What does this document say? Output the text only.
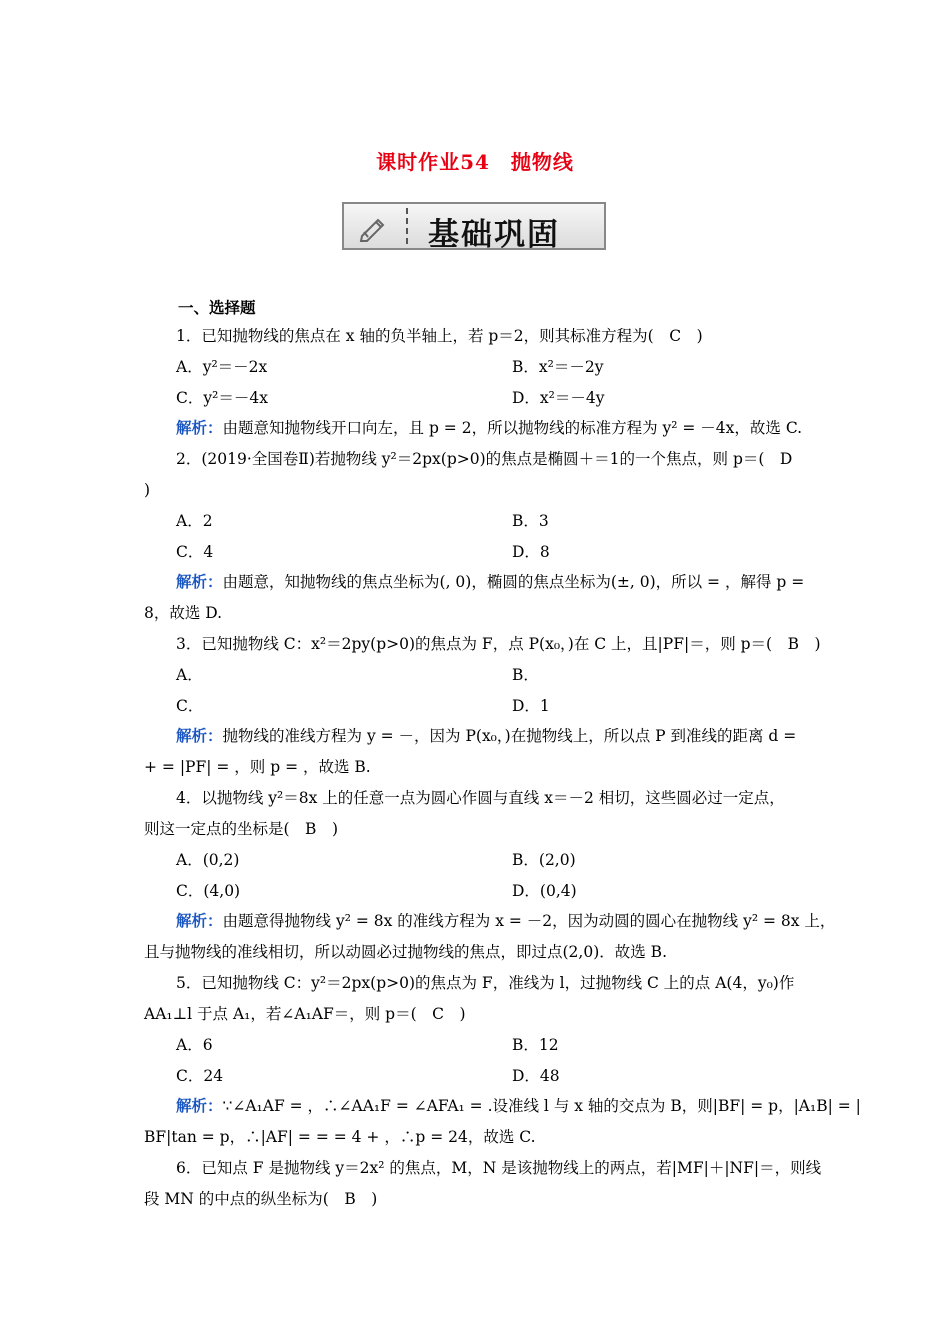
课时作业54　抛物线
基础巩固
一、选择题
1．已知抛物线的焦点在 x 轴的负半轴上，若 p＝2，则其标准方程为(　C　)
A．y²＝－2x	B．x²＝－2y
C．y²＝－4x	D．x²＝－4y
解析：由题意知抛物线开口向左，且 p = 2，所以抛物线的标准方程为 y² = －4x，故选 C.
2．(2019·全国卷Ⅱ)若抛物线 y²＝2px(p>0)的焦点是椭圆＋＝1的一个焦点，则 p＝(　D
)
A．2	B．3
C．4	D．8
解析：由题意，知抛物线的焦点坐标为(, 0)，椭圆的焦点坐标为(±, 0)，所以 = ，解得 p =
8，故选 D.
3．已知抛物线 C：x²＝2py(p>0)的焦点为 F，点 P(x₀，)在 C 上，且|PF|＝，则 p＝(　B　)
A．	B．
C．	D．1
解析：抛物线的准线方程为 y = －，因为 P(x₀，)在抛物线上，所以点 P 到准线的距离 d =
+ = |PF| = ，则 p = ，故选 B.
4．以抛物线 y²＝8x 上的任意一点为圆心作圆与直线 x＝－2 相切，这些圆必过一定点，
则这一定点的坐标是(　B　)
A．(0,2)	B．(2,0)
C．(4,0)	D．(0,4)
解析：由题意得抛物线 y² = 8x 的准线方程为 x = －2，因为动圆的圆心在抛物线 y² = 8x 上，
且与抛物线的准线相切，所以动圆必过抛物线的焦点，即过点(2,0)．故选 B.
5．已知抛物线 C：y²＝2px(p>0)的焦点为 F，准线为 l，过抛物线 C 上的点 A(4，y₀)作
AA₁⊥l 于点 A₁，若∠A₁AF＝，则 p＝(　C　)
A．6	B．12
C．24	D．48
解析：∵∠A₁AF = ，∴∠AA₁F = ∠AFA₁ = .设准线 l 与 x 轴的交点为 B，则|BF| = p，|A₁B| = |
BF|tan = p，∴|AF| = = = 4 + ，∴p = 24，故选 C.
6．已知点 F 是抛物线 y＝2x² 的焦点，M，N 是该抛物线上的两点，若|MF|＋|NF|＝，则线
段 MN 的中点的纵坐标为(　B　)
